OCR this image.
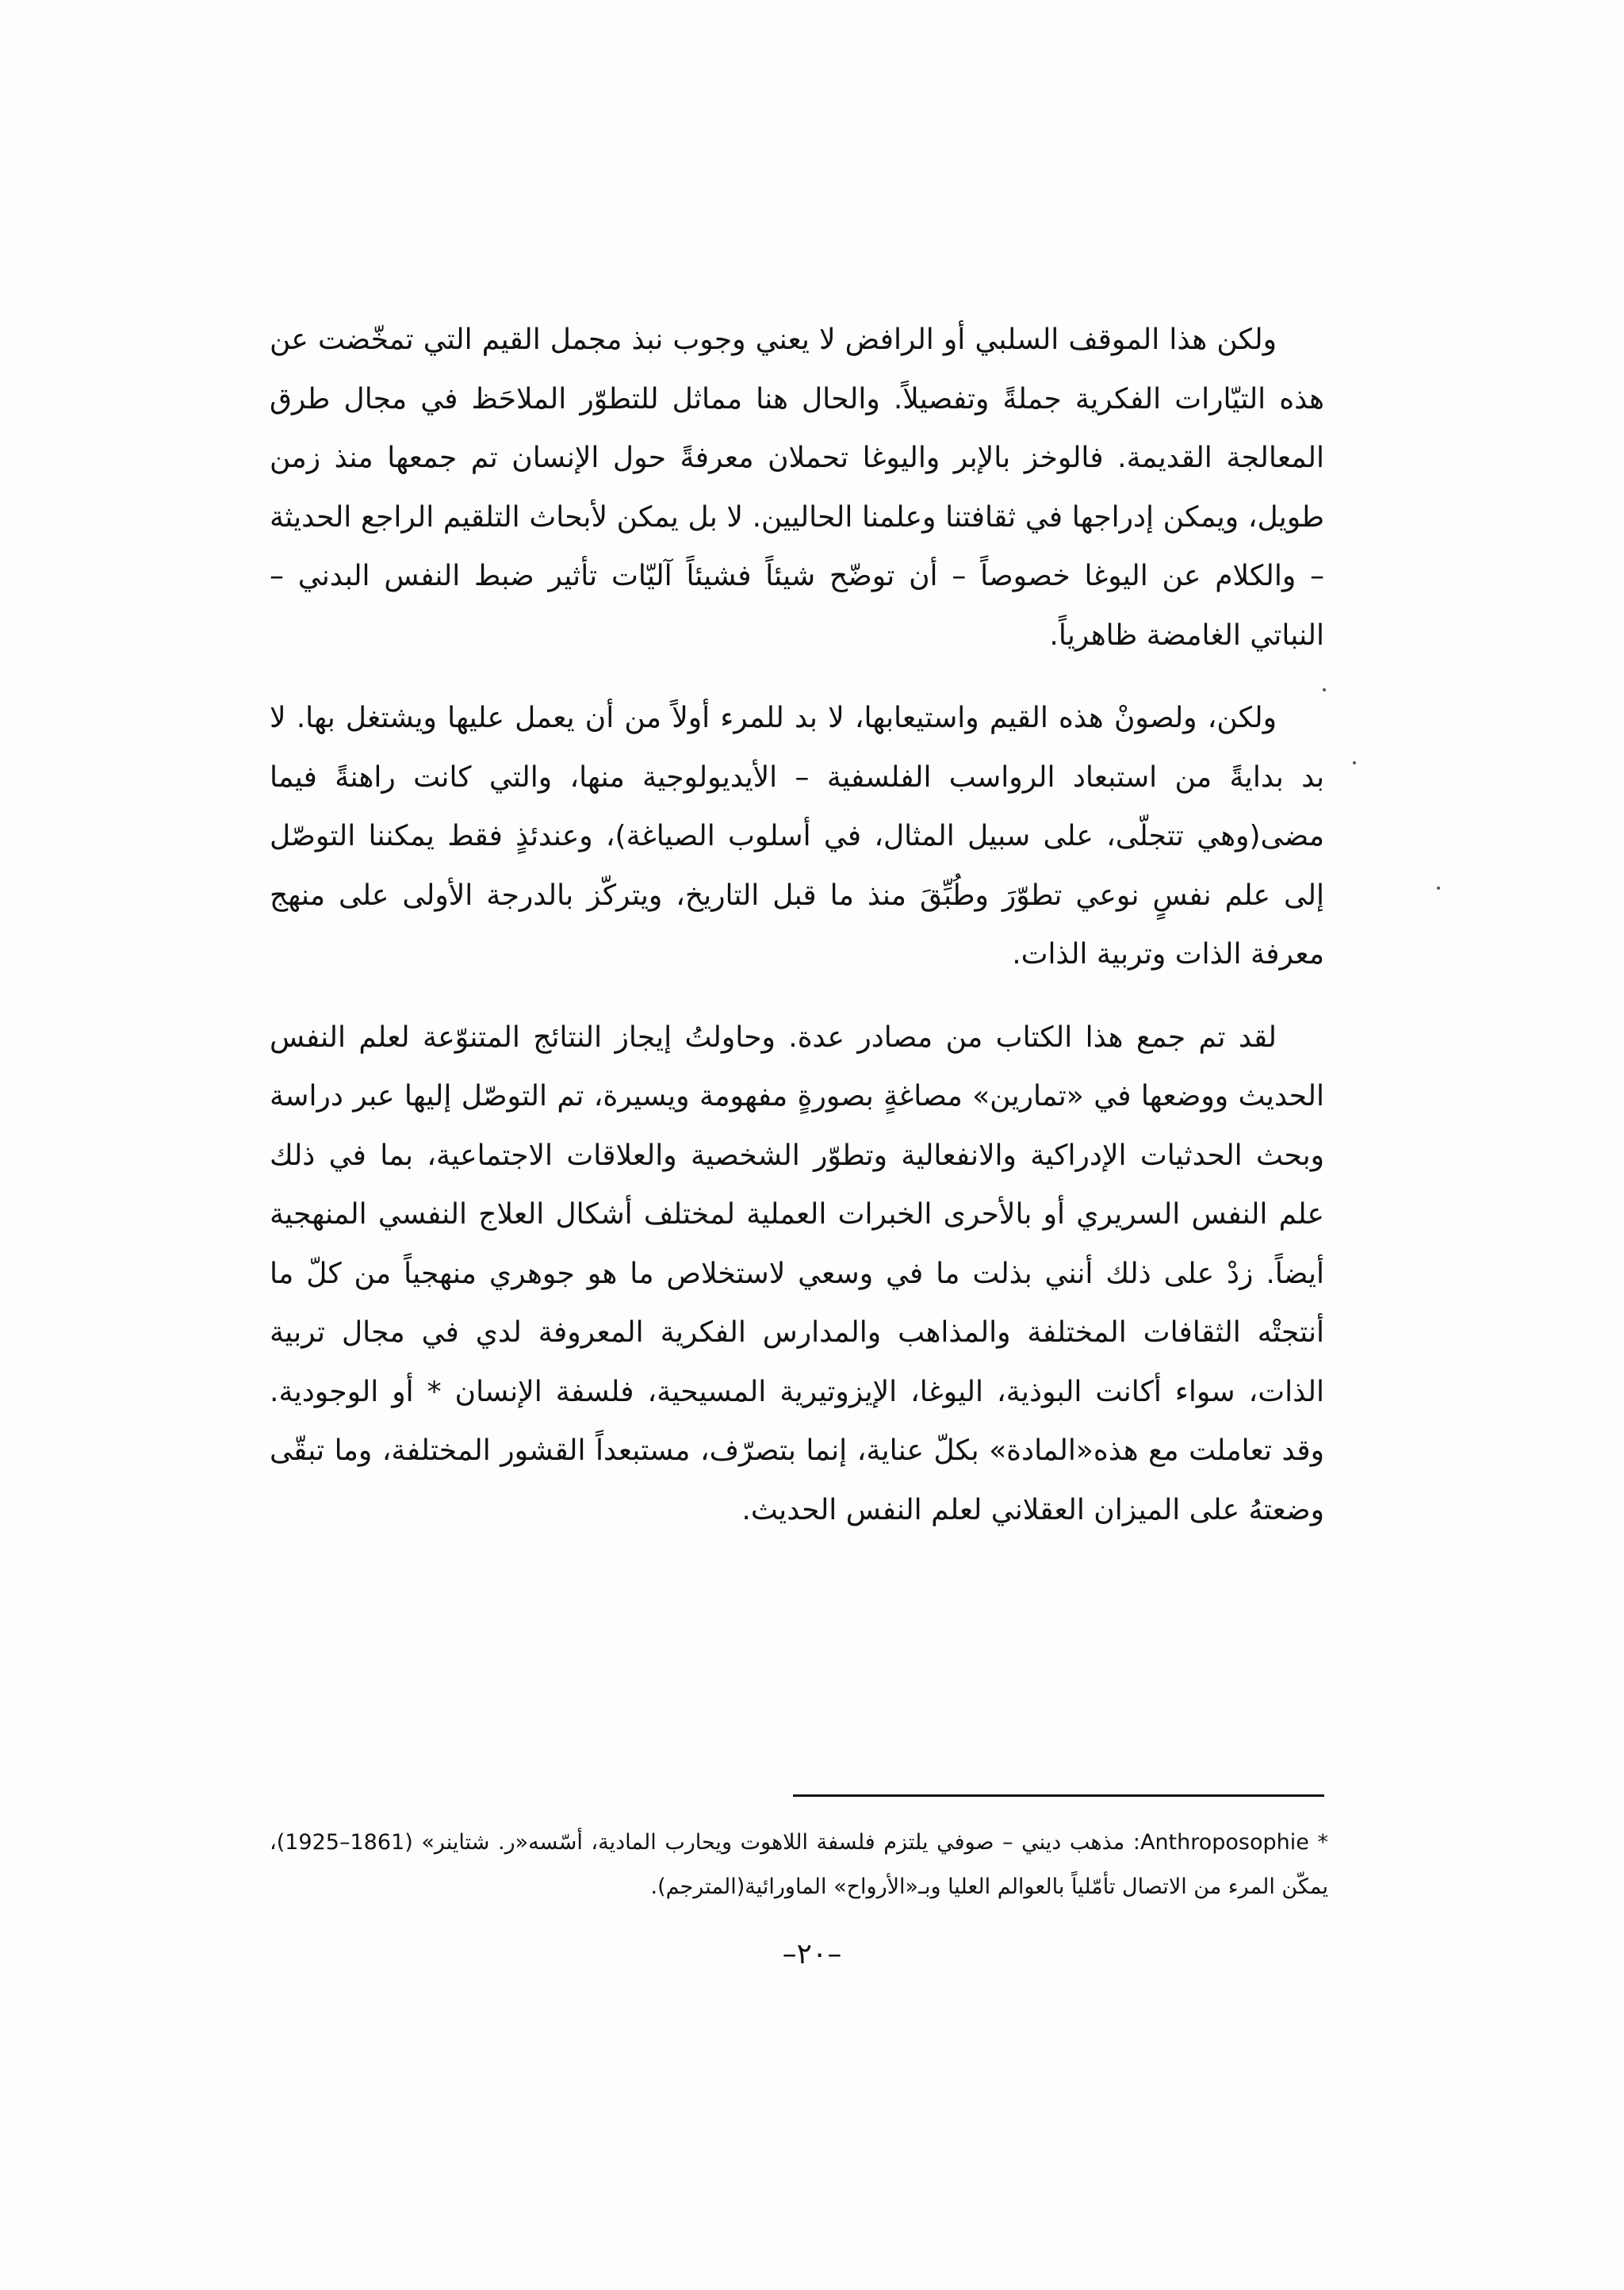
ولكن هذا الموقف السلبي أو الرافض لا يعني وجوب نبذ مجمل القيم التي تمخّضت عن هذه التيّارات الفكرية جملةً وتفصيلاً. والحال هنا مماثل للتطوّر الملاحَظ في مجال طرق المعالجة القديمة. فالوخز بالإبر واليوغا تحملان معرفةً حول الإنسان تم جمعها منذ زمن طويل، ويمكن إدراجها في ثقافتنا وعلمنا الحاليين. لا بل يمكن لأبحاث التلقيم الراجع الحديثة – والكلام عن اليوغا خصوصاً – أن توضّح شيئاً فشيئاً آليّات تأثير ضبط النفس البدني – النباتي الغامضة ظاهرياً.

ولكن، ولصونْ هذه القيم واستيعابها، لا بد للمرء أولاً من أن يعمل عليها ويشتغل بها. لا بد بدايةً من استبعاد الرواسب الفلسفية – الأيديولوجية منها، والتي كانت راهنةً فيما مضى(وهي تتجلّى، على سبيل المثال، في أسلوب الصياغة)، وعندئذٍ فقط يمكننا التوصّل إلى علم نفسٍ نوعي تطوّرَ وطُبِّقَ منذ ما قبل التاريخ، ويتركّز بالدرجة الأولى على منهج معرفة الذات وتربية الذات.

لقد تم جمع هذا الكتاب من مصادر عدة. وحاولتُ إيجاز النتائج المتنوّعة لعلم النفس الحديث ووضعها في «تمارين» مصاغةٍ بصورةٍ مفهومة ويسيرة، تم التوصّل إليها عبر دراسة وبحث الحدثيات الإدراكية والانفعالية وتطوّر الشخصية والعلاقات الاجتماعية، بما في ذلك علم النفس السريري أو بالأحرى الخبرات العملية لمختلف أشكال العلاج النفسي المنهجية أيضاً. زدْ على ذلك أنني بذلت ما في وسعي لاستخلاص ما هو جوهري منهجياً من كلّ ما أنتجتْه الثقافات المختلفة والمذاهب والمدارس الفكرية المعروفة لدي في مجال تربية الذات، سواء أكانت البوذية، اليوغا، الإيزوتيرية المسيحية، فلسفة الإنسان * أو الوجودية. وقد تعاملت مع هذه«المادة» بكلّ عناية، إنما بتصرّف، مستبعداً القشور المختلفة، وما تبقّى وضعتهُ على الميزان العقلاني لعلم النفس الحديث.

* Anthroposophie: مذهب ديني – صوفي يلتزم فلسفة اللاهوت ويحارب المادية، أسّسه«ر. شتاينر» (1861–1925)، يمكّن المرء من الاتصال تأمّلياً بالعوالم العليا وبـ«الأرواح» الماورائية(المترجم).
–٢٠–
